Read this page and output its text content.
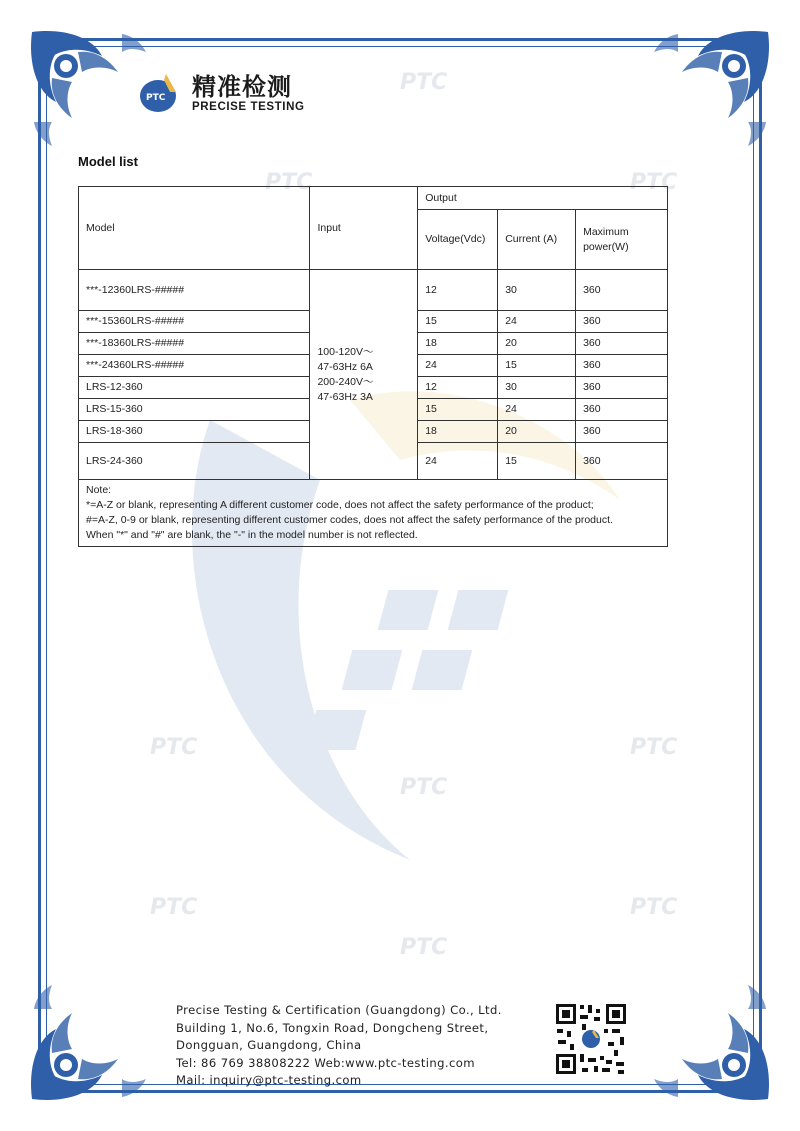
PTC
PTC	PTC
PTC
PTC
PTC
PTC
PTC
PTC
PTC 精准检测
PRECISE TESTING
Model list
Model	Input	Output		
		Voltage(Vdc)	Current (A)	Maximum power(W)
***-12360LRS-#####	100-120V～
47-63Hz 6A
200-240V～
47-63Hz 3A	12	30	360
***-15360LRS-#####		15	24	360
***-18360LRS-#####		18	20	360
***-24360LRS-#####		24	15	360
LRS-12-360		12	30	360
LRS-15-360		15	24	360
LRS-18-360		18	20	360
LRS-24-360		24	15	360

Note:
*=A-Z or blank, representing A different customer code, does not affect the safety performance of the product;
#=A-Z, 0-9 or blank, representing different customer codes, does not affect the safety performance of the product.
When "*" and "#" are blank, the "-" in the model number is not reflected.				
Precise Testing & Certification (Guangdong) Co., Ltd.
Building 1, No.6, Tongxin Road, Dongcheng Street,
Dongguan, Guangdong, China
Tel: 86 769 38808222 Web:www.ptc-testing.com
Mail: inquiry@ptc-testing.com
